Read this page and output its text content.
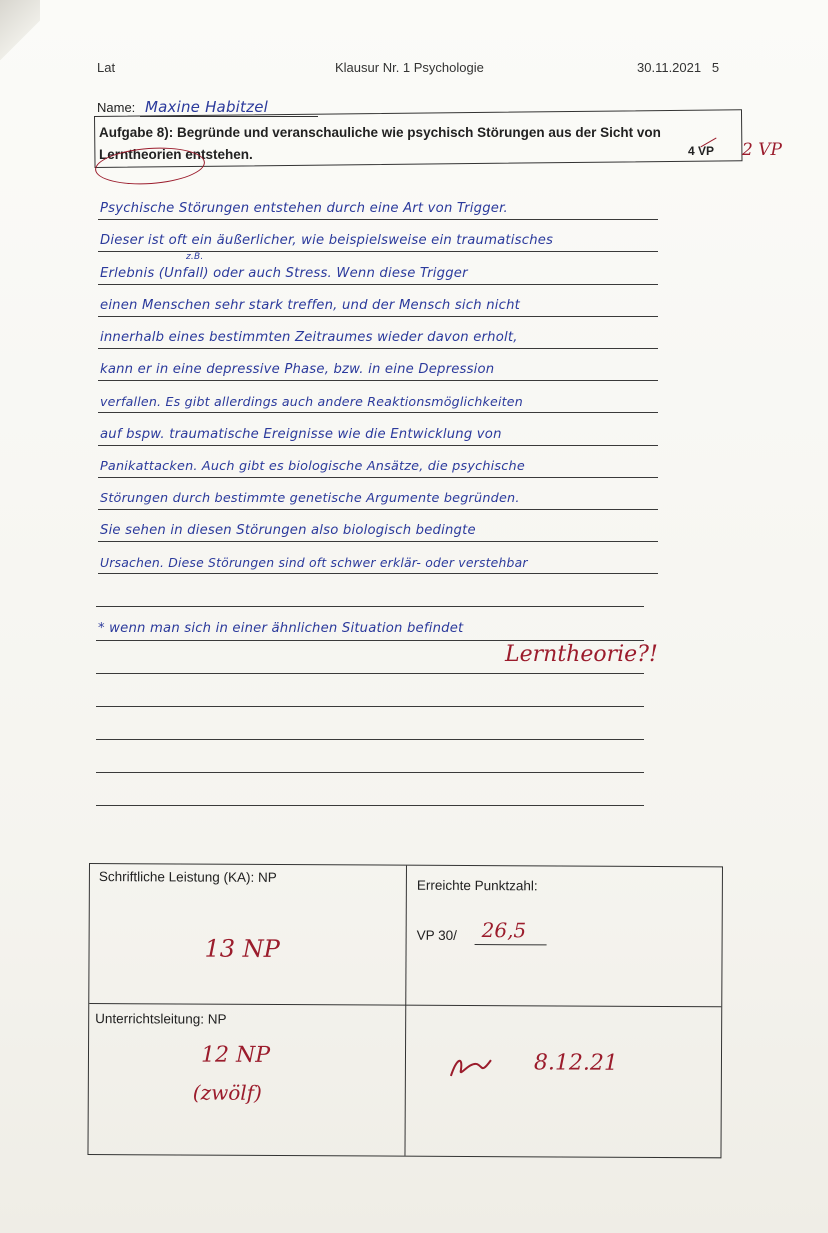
Lat	Klausur Nr. 1 Psychologie	30.11.2021   5
Name: Maxine Habitzel
Aufgabe 8): Begründe und veranschauliche wie psychisch Störungen aus der Sicht von Lerntheorien entstehen.	4 VP 2 VP
Psychische Störungen entstehen durch eine Art von Trigger.
Dieser ist oft ein äußerlicher, wie beispielsweise ein traumatisches
Erlebnis (Unfall) oder auch Stress. Wenn diese Trigger
z.B.
einen Menschen sehr stark treffen, und der Mensch sich nicht
innerhalb eines bestimmten Zeitraumes wieder davon erholt,
kann er in eine depressive Phase, bzw. in eine Depression
verfallen. Es gibt allerdings auch andere Reaktionsmöglichkeiten
auf bspw. traumatische Ereignisse wie die Entwicklung von
Panikattacken. Auch gibt es biologische Ansätze, die psychische
Störungen durch bestimmte genetische Argumente begründen.
Sie sehen in diesen Störungen also biologisch bedingte
Ursachen. Diese Störungen sind oft schwer erklär- oder verstehbar
* wenn man sich in einer ähnlichen Situation befindet
Lerntheorie?!
Schriftliche Leistung (KA): NP
13 NP
Erreichte Punktzahl:
VP 30/ 26,5
Unterrichtsleitung: NP
12 NP
(zwölf)
8.12.21
